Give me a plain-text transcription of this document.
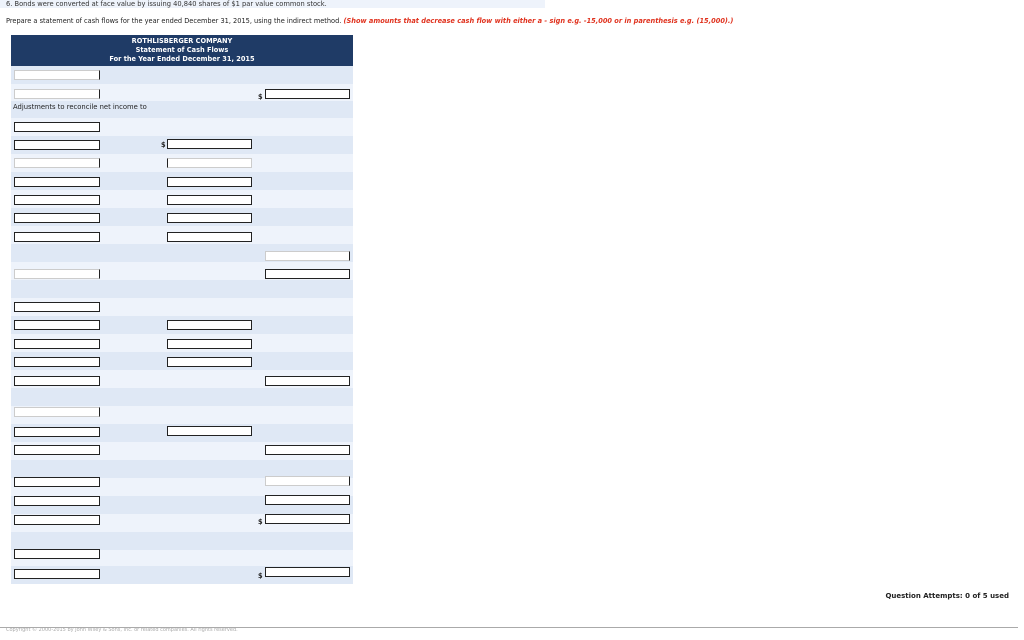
6. Bonds were converted at face value by issuing 40,840 shares of $1 par value common stock.
Prepare a statement of cash flows for the year ended December 31, 2015, using the indirect method. (Show amounts that decrease cash flow with either a - sign e.g. -15,000 or in parenthesis e.g. (15,000).)
ROTHLISBERGER COMPANY
Statement of Cash Flows
For the Year Ended December 31, 2015
Adjustments to reconcile net income to
$
$
$
$
Question Attempts: 0 of 5 used
Copyright © 2000-2015 by John Wiley & Sons, Inc. or related companies. All rights reserved.
